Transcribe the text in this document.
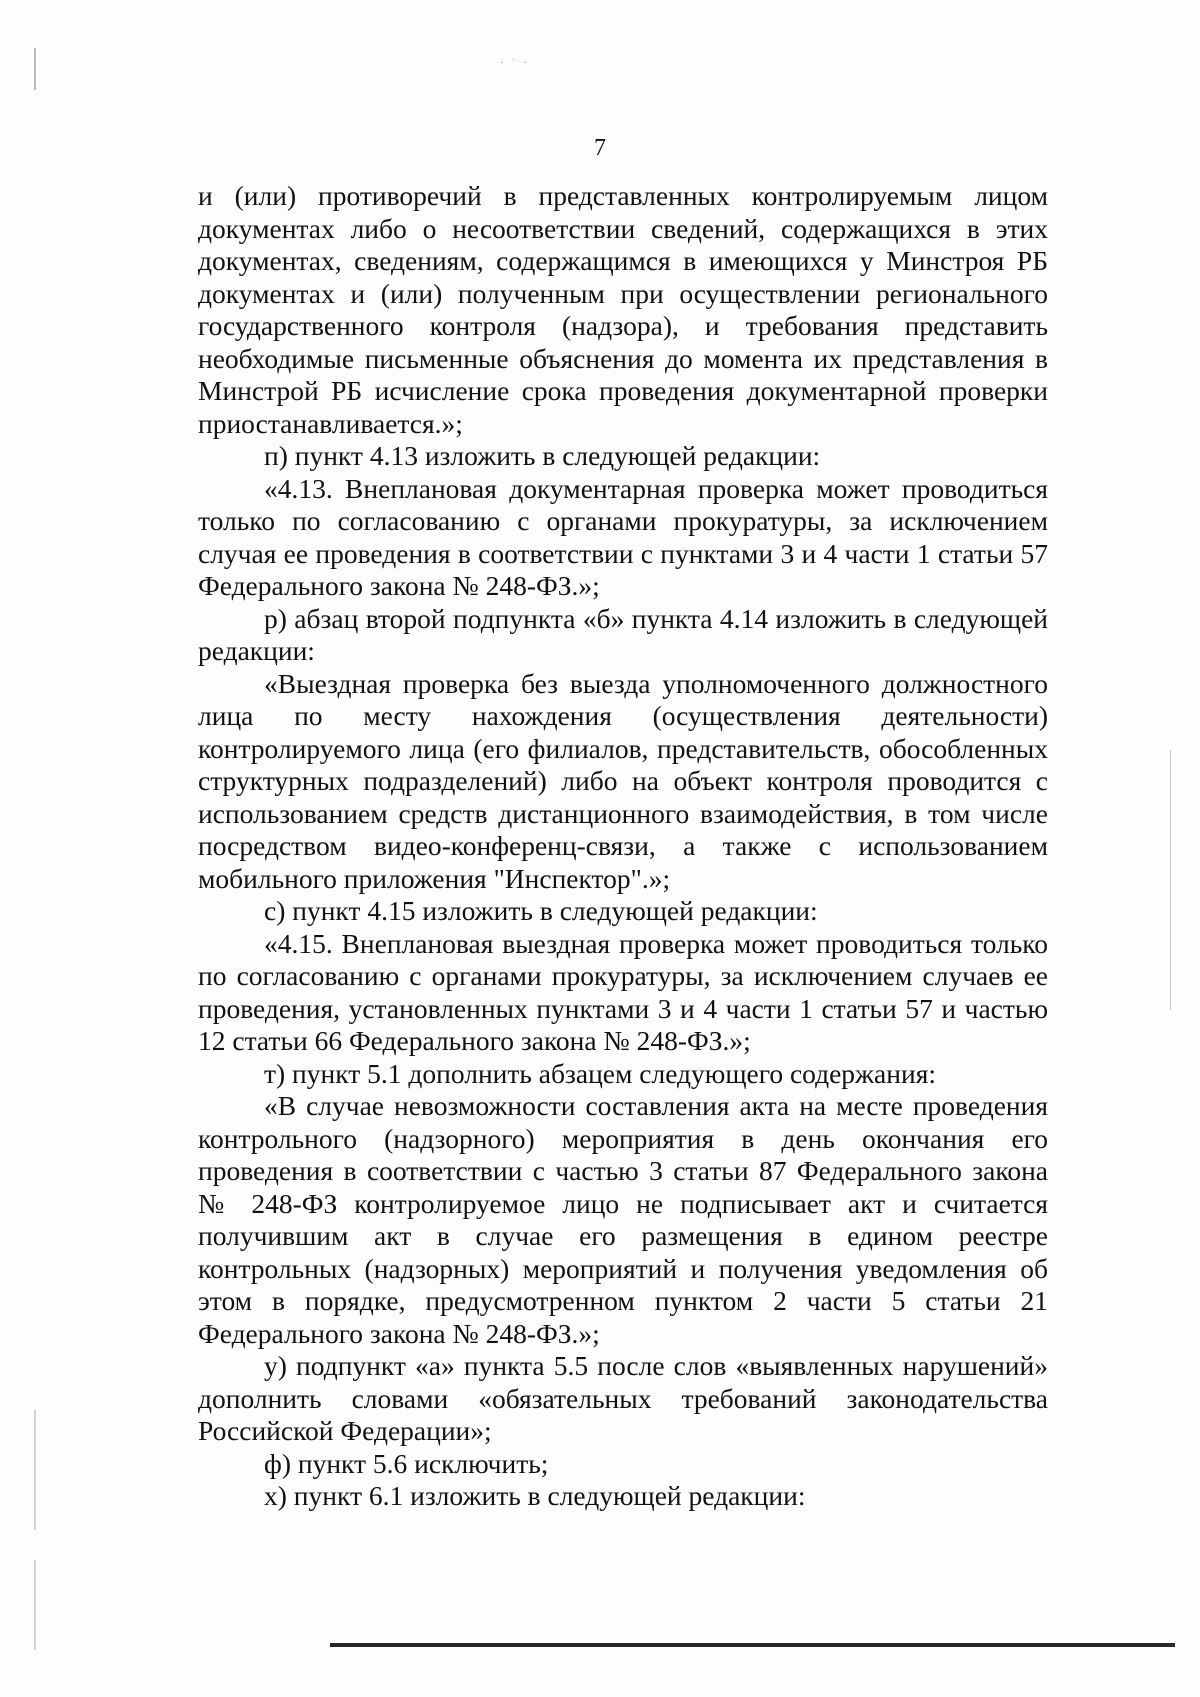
· ˙ ·
7

и (или) противоречий в представленных контролируемым лицом документах либо о несоответствии сведений, содержащихся в этих документах, сведениям, содержащимся в имеющихся у Минстроя РБ документах и (или) полученным при осуществлении регионального государственного контроля (надзора), и требования представить необходимые письменные объяснения до момента их представления в Минстрой РБ исчисление срока проведения документарной проверки приостанавливается.»;

п) пункт 4.13 изложить в следующей редакции:

«4.13. Внеплановая документарная проверка может проводиться только по согласованию с органами прокуратуры, за исключением случая ее проведения в соответствии с пунктами 3 и 4 части 1 статьи 57 Федерального закона № 248-ФЗ.»;

р) абзац второй подпункта «б» пункта 4.14 изложить в следующей редакции:

«Выездная проверка без выезда уполномоченного должностного лица по месту нахождения (осуществления деятельности) контролируемого лица (его филиалов, представительств, обособленных структурных подразделений) либо на объект контроля проводится с использованием средств дистанционного взаимодействия, в том числе посредством видео-конференц-связи, а также с использованием мобильного приложения "Инспектор".»;

с) пункт 4.15 изложить в следующей редакции:

«4.15. Внеплановая выездная проверка может проводиться только по согласованию с органами прокуратуры, за исключением случаев ее проведения, установленных пунктами 3 и 4 части 1 статьи 57 и частью 12 статьи 66 Федерального закона № 248-ФЗ.»;

т) пункт 5.1 дополнить абзацем следующего содержания:

«В случае невозможности составления акта на месте проведения контрольного (надзорного) мероприятия в день окончания его проведения в соответствии с частью 3 статьи 87 Федерального закона № 248-ФЗ контролируемое лицо не подписывает акт и считается получившим акт в случае его размещения в едином реестре контрольных (надзорных) мероприятий и получения уведомления об этом в порядке, предусмотренном пунктом 2 части 5 статьи 21 Федерального закона № 248-ФЗ.»;

у) подпункт «а» пункта 5.5 после слов «выявленных нарушений» дополнить словами «обязательных требований законодательства Российской Федерации»;

ф) пункт 5.6 исключить;

х) пункт 6.1 изложить в следующей редакции:
